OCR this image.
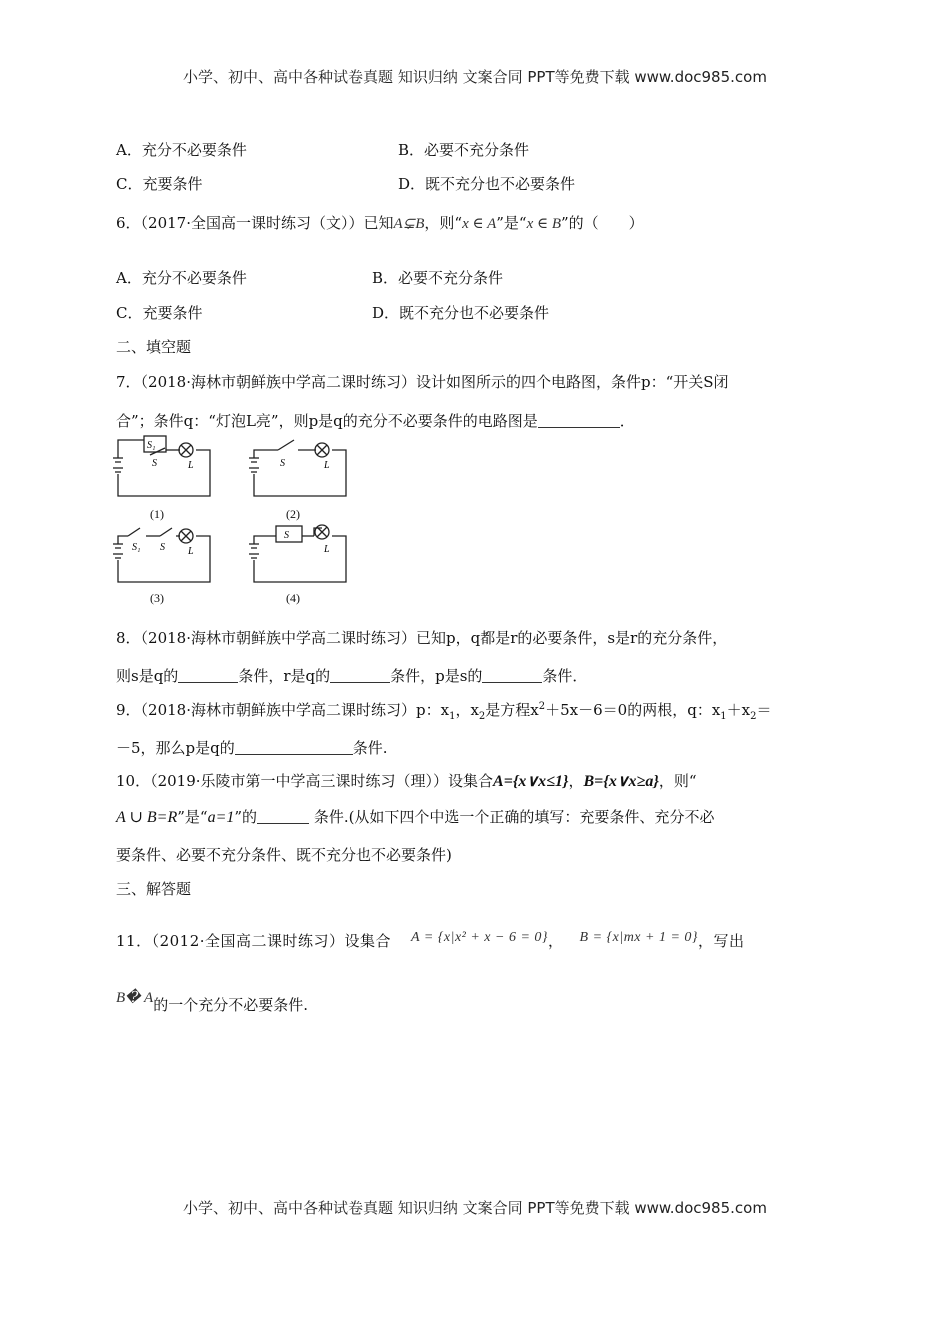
小学、初中、高中各种试卷真题 知识归纳 文案合同 PPT等免费下载 www.doc985.com
A．充分不必要条件	B．必要不充分条件
C．充要条件	D．既不充分也不必要条件
6．（2017·全国高一课时练习（文））已知A⊊B，则“x ∈ A”是“x ∈ B”的（　　）
A．充分不必要条件	B．必要不充分条件
C．充要条件	D．既不充分也不必要条件
二、填空题
7．（2018·海林市朝鲜族中学高二课时练习）设计如图所示的四个电路图，条件p：“开关S闭
合”；条件q：“灯泡L亮”，则p是q的充分不必要条件的电路图是	．
S₁
S	L
(1)
S	L
(2)
S₁ S L
(3)
S
L
(4)
8．（2018·海林市朝鲜族中学高二课时练习）已知p，q都是r的必要条件，s是r的充分条件，
则s是q的	条件，r是q的	条件，p是s的	条件．
9．（2018·海林市朝鲜族中学高二课时练习）p：$x_1$，$x_2$是方程$x^2+5x-6=0$的两根，q：$x_1+x_2=$
－5，那么p是q的	条件.
10．（2019·乐陵市第一中学高三课时练习（理））设集合A={x∨x≤1}，B={x∨x≥a}，则“
A ∪ B=R”是“a=1”的	条件.(从如下四个中选一个正确的填写：充要条件、充分不必
要条件、必要不充分条件、既不充分也不必要条件)
三、解答题
11．（2012·全国高二课时练习）设集合 A = {x|x² + x − 6 = 0}， B = {x|mx + 1 = 0}，写出
B� A的一个充分不必要条件.
小学、初中、高中各种试卷真题 知识归纳 文案合同 PPT等免费下载 www.doc985.com
